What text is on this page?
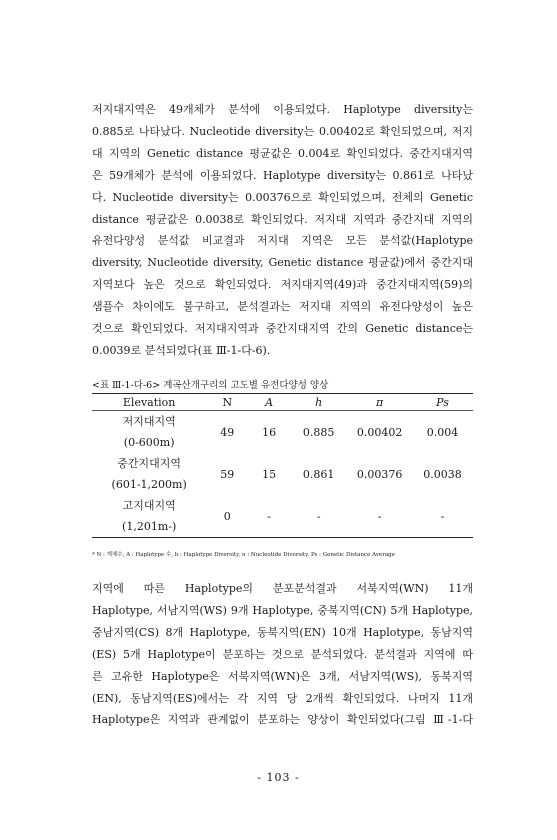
저지대지역은 49개체가 분석에 이용되었다. Haplotype diversity는
0.885로 나타났다. Nucleotide diversity는 0.00402로 확인되었으며, 저지
대 지역의 Genetic distance 평균값은 0.004로 확인되었다. 중간지대지역
은 59개체가 분석에 이용되었다. Haplotype diversity는 0.861로 나타났
다. Nucleotide diversity는 0.00376으로 확인되었으며, 전체의 Genetic
distance 평균값은 0.0038로 확인되었다. 저지대 지역과 중간지대 지역의
유전다양성 분석값 비교결과 저지대 지역은 모든 분석값(Haplotype
diversity, Nucleotide diversity, Genetic distance 평균값)에서 중간지대
지역보다 높은 것으로 확인되었다. 저지대지역(49)과 중간지대지역(59)의
샘플수 차이에도 불구하고, 분석결과는 저지대 지역의 유전다양성이 높은
것으로 확인되었다. 저지대지역과 중간지대지역 간의 Genetic distance는
0.0039로 분석되었다(표 Ⅲ-1-다-6).
<표 Ⅲ-1-다-6> 계곡산개구리의 고도별 유전다양성 양상
Elevation	N	A	h	π	Ps

저지대지역
(0-600m)	49	16	0.885	0.00402	0.004

중간지대지역
(601-1,200m)	59	15	0.861	0.00376	0.0038

고지대지역
(1,201m-)	0	-	-	-	-
* N : 개체수, A : Haplotype 수, h : Haplotype Diversity, π : Nucleotide Diversity, Ps : Genetic Distance Average
지역에 따른 Haplotype의 분포분석결과 서북지역(WN) 11개
Haplotype, 서남지역(WS) 9개 Haplotype, 중북지역(CN) 5개 Haplotype,
중남지역(CS) 8개 Haplotype, 동북지역(EN) 10개 Haplotype, 동남지역
(ES) 5개 Haplotype이 분포하는 것으로 분석되었다. 분석결과 지역에 따
른 고유한 Haplotype은 서북지역(WN)은 3개, 서남지역(WS), 동북지역
(EN), 동남지역(ES)에서는 각 지역 당 2개씩 확인되었다. 나머지 11개
Haplotype은 지역과 관계없이 분포하는 양상이 확인되었다(그림 Ⅲ-1-다
- 103 -
